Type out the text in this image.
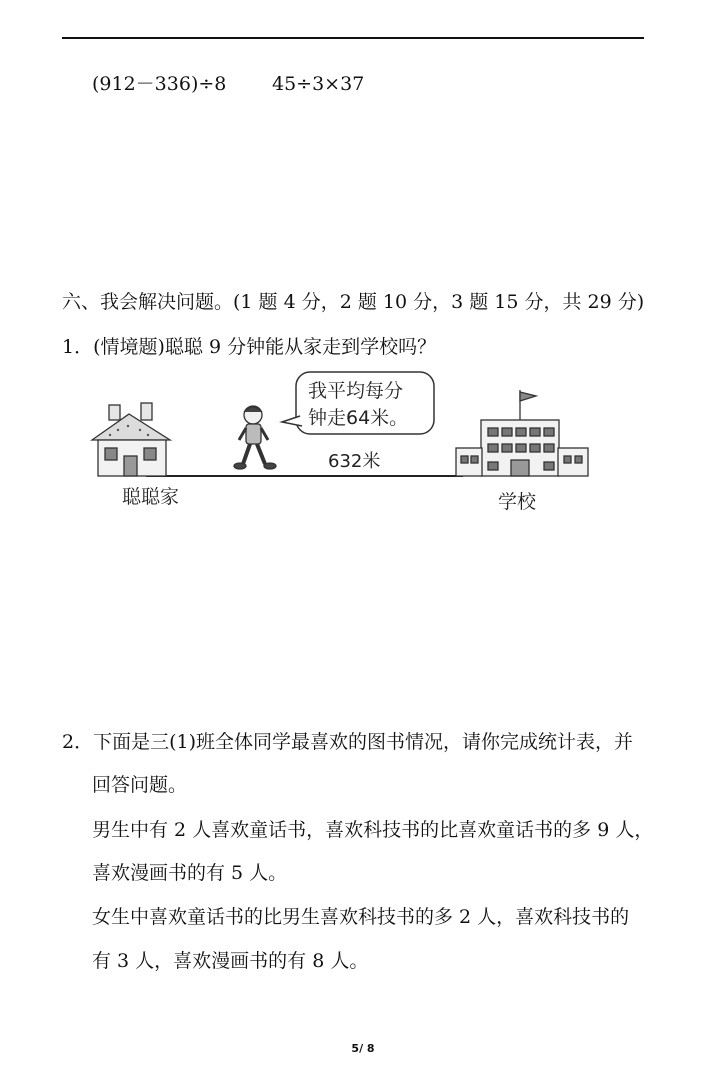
(912－336)÷8 45÷3×37
六、我会解决问题。(1 题 4 分，2 题 10 分，3 题 15 分，共 29 分)
1．(情境题)聪聪 9 分钟能从家走到学校吗？
我平均每分
钟走64米。
632米
聪聪家	学校
2．下面是三(1)班全体同学最喜欢的图书情况，请你完成统计表，并
回答问题。
男生中有 2 人喜欢童话书，喜欢科技书的比喜欢童话书的多 9 人，
喜欢漫画书的有 5 人。
女生中喜欢童话书的比男生喜欢科技书的多 2 人，喜欢科技书的
有 3 人，喜欢漫画书的有 8 人。
5/ 8
